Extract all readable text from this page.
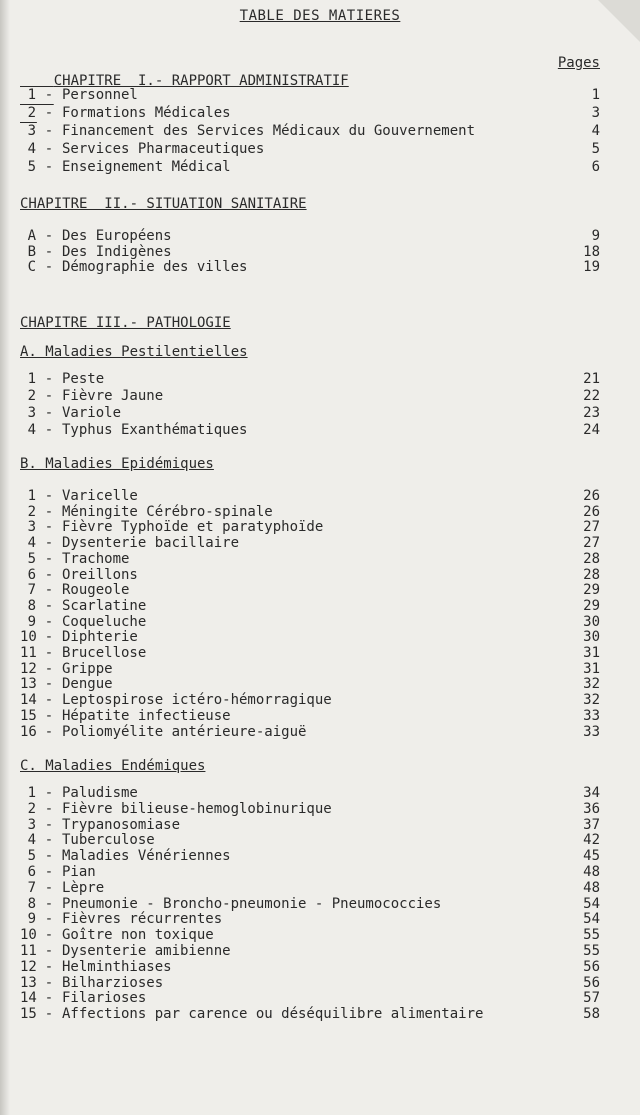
TABLE DES MATIERES

CHAPITRE  I.- RAPPORT ADMINISTRATIF

Pages

1 - Personnel	1
2 - Formations Médicales	3
3 - Financement des Services Médicaux du Gouvernement	4
4 - Services Pharmaceutiques	5
5 - Enseignement Médical	6
CHAPITRE  II.- SITUATION SANITAIRE
A - Des Européens	9
B - Des Indigènes	18
C - Démographie des villes	19
CHAPITRE III.- PATHOLOGIE
A. Maladies Pestilentielles
1 - Peste	21
2 - Fièvre Jaune	22
3 - Variole	23
4 - Typhus Exanthématiques	24
B. Maladies Epidémiques
1 - Varicelle	26
2 - Méningite Cérébro-spinale	26
3 - Fièvre Typhoïde et paratyphoïde	27
4 - Dysenterie bacillaire	27
5 - Trachome	28
6 - Oreillons	28
7 - Rougeole	29
8 - Scarlatine	29
9 - Coqueluche	30
10 - Diphterie	30
11 - Brucellose	31
12 - Grippe	31
13 - Dengue	32
14 - Leptospirose ictéro-hémorragique	32
15 - Hépatite infectieuse	33
16 - Poliomyélite antérieure-aiguë	33
C. Maladies Endémiques
1 - Paludisme	34
2 - Fièvre bilieuse-hemoglobinurique	36
3 - Trypanosomiase	37
4 - Tuberculose	42
5 - Maladies Vénériennes	45
6 - Pian	48
7 - Lèpre	48
8 - Pneumonie - Broncho-pneumonie - Pneumococcies	54
9 - Fièvres récurrentes	54
10 - Goître non toxique	55
11 - Dysenterie amibienne	55
12 - Helminthiases	56
13 - Bilharzioses	56
14 - Filarioses	57
15 - Affections par carence ou déséquilibre alimentaire	58
